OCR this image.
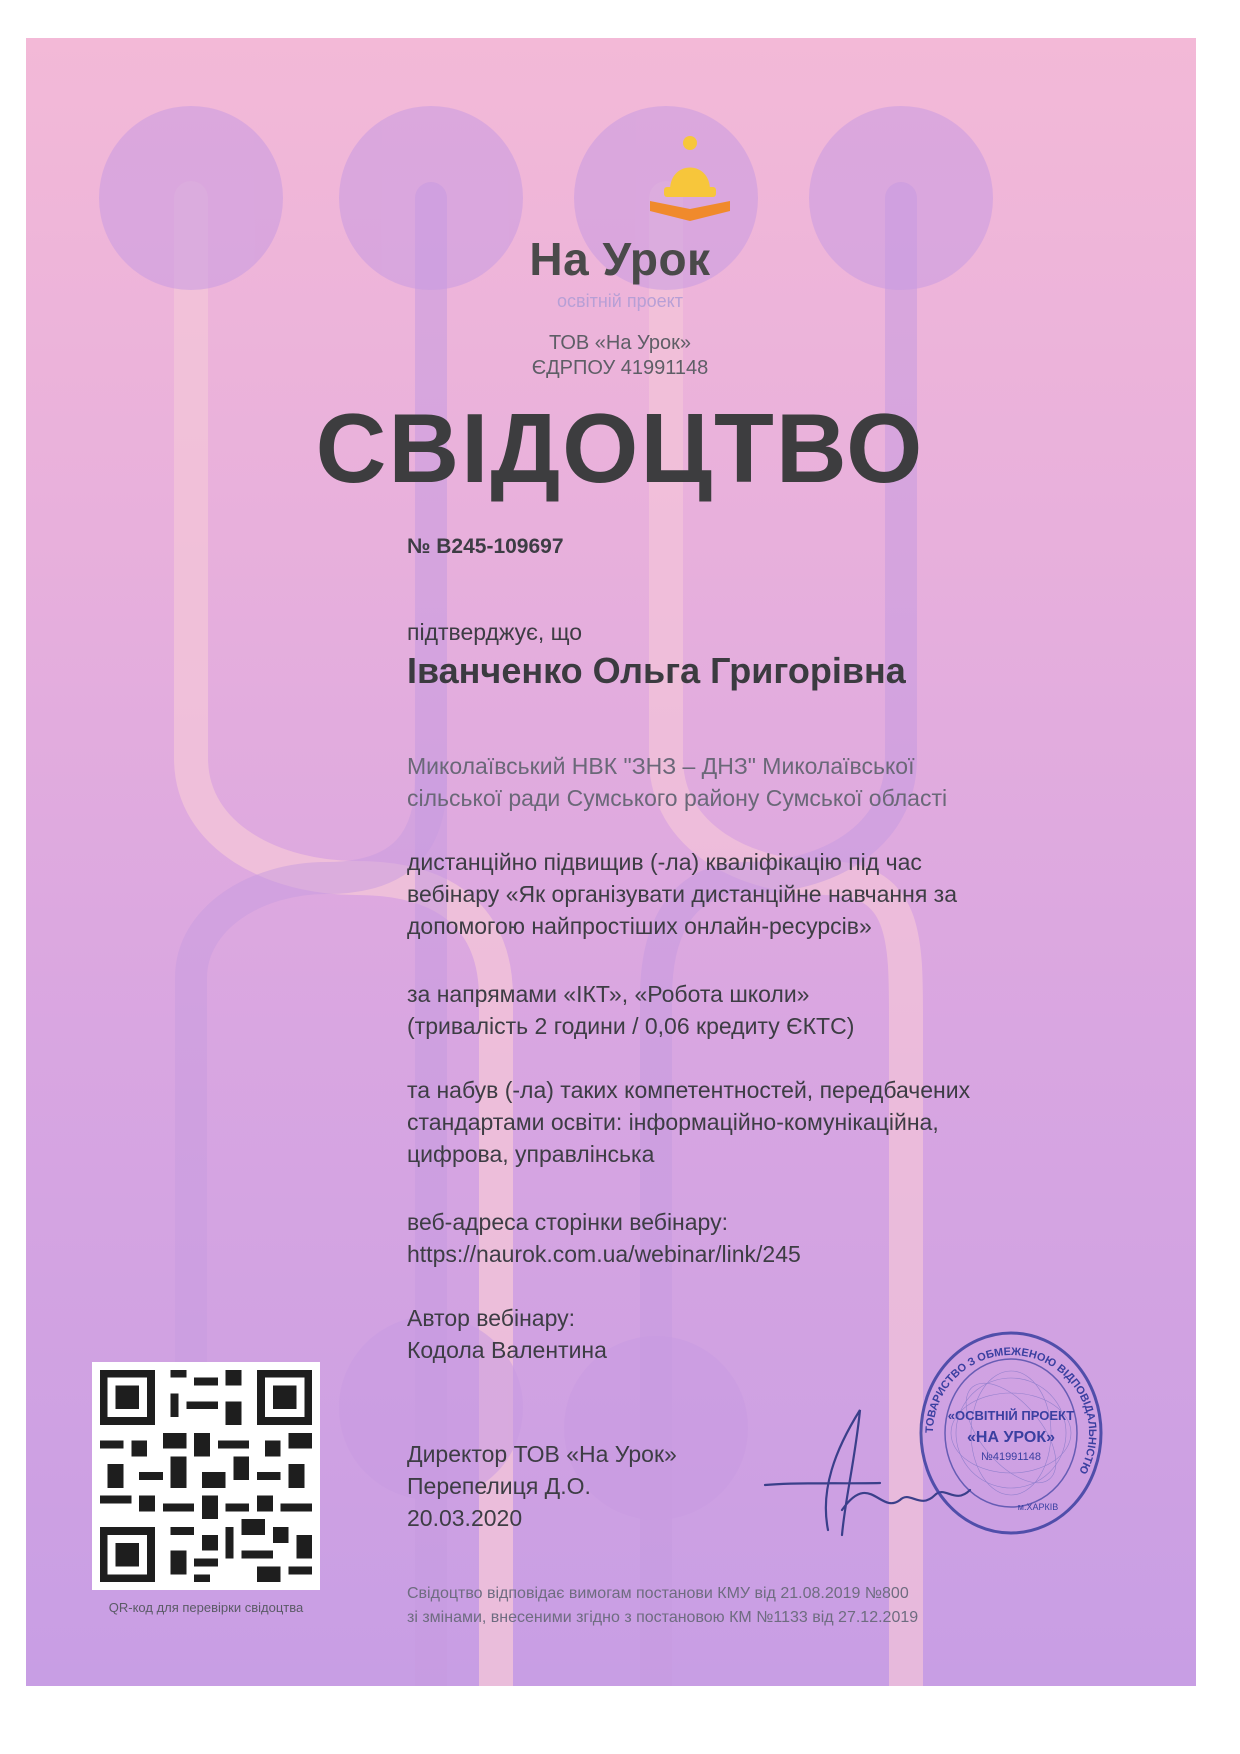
На Урок
освітній проект
ТОВ «На Урок»
ЄДРПОУ 41991148
СВІДОЦТВО
№ В245-109697
підтверджує, що
Іванченко Ольга Григорівна
Миколаївський НВК "ЗНЗ – ДНЗ" Миколаївської
сільської ради Сумського району Сумської області
дистанційно підвищив (-ла) кваліфікацію під час
вебінару «Як організувати дистанційне навчання за
допомогою найпростіших онлайн-ресурсів»
за напрямами «ІКТ», «Робота школи»
(тривалість 2 години / 0,06 кредиту ЄКТС)
та набув (-ла) таких компетентностей, передбачених
стандартами освіти: інформаційно-комунікаційна,
цифрова, управлінська
веб-адреса сторінки вебінару:
https://naurok.com.ua/webinar/link/245
Автор вебінару:
Кодола Валентина
Директор ТОВ «На Урок»
Перепелиця Д.О.
20.03.2020
QR-код для перевірки свідоцтва
ТОВАРИСТВО З ОБМЕЖЕНОЮ ВІДПОВІДАЛЬНІСТЮ
«ОСВІТНІЙ ПРОЕКТ
«НА УРОК»
№41991148
м.ХАРКІВ
Свідоцтво відповідає вимогам постанови КМУ від 21.08.2019 №800
зі змінами, внесеними згідно з постановою КМ №1133 від 27.12.2019
